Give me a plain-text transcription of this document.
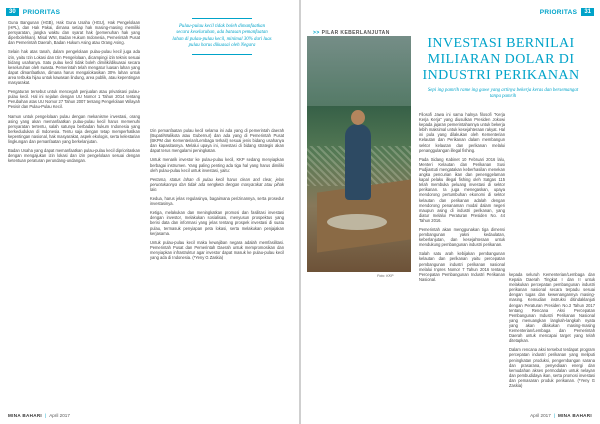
30	PRIORITAS

Guna Bangunan (HGB), Hak Guna Usaha (HGU), Hak Pengelolaan (HPL), dan Hak Pakai, dimana setiap hak masing-masing memiliki persyaratan, jangka waktu dan syarat hak (pemenuhan hak yang diperbolehkan). Misal WNI, Badan Hukum Indonesia, Pemerintah Pusat dan Pemerintah Daerah, Badan Hukum Asing atau Orang Asing.

Selain hak atas tanah, dalam pengelolaan pulau-pulau kecil juga ada izin, yaitu Izin Lokasi dan Izin Pengelolaan, dicampingi izin teknis sesuai bidang usahanya. Satu pulau kecil tidak boleh dimiliki/dikuasai secara keseluruhan oleh swasta. Pemerintah telah mengatur luasan lahan yang dapat dimanfaatkan, dimana harus mengalokasikan 30% lahan untuk area terbuka hijau untuk kawasan lindung, area publik, atau kepentingan masyarakat.

Pengaturan tersebut untuk mencegah penjualan atau privatisasi pulau-pulau kecil. Hal ini sejalan dengan UU Nomor 1 Tahun 2014 tentang Perubahan atas UU Nomor 27 Tahun 2007 tentang Pengelolaan Wilayah Pesisir dan Pulau-Pulau Kecil.

Namun untuk pengelolaan pulau dengan mekanisme investasi, orang asing yang akan memanfaatkan pulau-pulau kecil harus memenuhi persyaratan tertentu, salah satunya berbadan hukum Indonesia yang berkedudukan di Indonesia. Tentu saja dengan tetap memperhatikan kepentingan nasional, hak masyarakat, aspek ekologis, serta kelestarian lingkungan dan pemanfaatan yang berkelanjutan.

Badan Usaha yang dapat memanfaatkan pulau-pulau kecil diprioritaskan dengan mengajukan izin lokasi dan izin pengelolaan sesuai dengan ketentuan peraturan perundang-undangan.

Pulau-pulau kecil tidak boleh dimanfaatkan secara keseluruhan, ada batasan pemanfaatan lahan di pulau-pulau kecil, minimal 30% dari luas pulau harus dikuasai oleh Negara

Izin pemanfaatan pulau kecil selama ini ada yang di pemerintah daerah (Bupati/Walikota atau Gubernur) dan ada yang di Pemerintah Pusat (BKPM dan Kementerian/Lembaga terkait) sesuai jenis bidang usahanya dan kapasitasnya. Melalui upaya ini, investasi di bidang strategis akan dapat terus mengalami peningkatan.

Untuk menarik investor ke pulau-pulau kecil, KKP sedang menyiapkan berbagai instrumen. Yang paling penting ada tiga hal yang harus dimiliki oleh pulau-pulau kecil untuk investasi, yaitu:

Pertama, status lahan di pulau kecil harus clean and clear, jelas peruntukannya dan tidak ada sengketa dengan masyarakat atau pihak lain.

Kedua, harus jelas regulasinya, bagaimana perizinannya, serta prosedur investasinya.

Ketiga, melakukan dan meningkatkan promosi dan fasilitasi investasi dengan investor, melakukan sosialisasi, menyusun prospektus yang berisi data dan informasi yang jelas tentang prospek investasi di suatu pulau, termasuk penyiapan peta lokasi, serta melakukan penjajakan kerjasama.

Untuk pulau-pulau kecil maka kewajiban negara adalah memfasilitasi. Pemerintah Pusat dan Pemerintah Daerah untuk mempromosikan dan menyiapkan infrastruktur agar investor dapat masuk ke pulau-pulau kecil yang ada di Indonesia. (*Yeny G Zaskia)

MINA BAHARI | April 2017
PRIORITAS	31
>> PILAR KEBERLANJUTAN
Foto: KKP
INVESTASI BERNILAI MILIARAN DOLAR DI INDUSTRI PERIKANAN
Sepi ing pamrih rame ing gawe yang artinya bekerja keras dan bersemangat tanpa pamrih

Filosofi Jawa ini sama halnya filosofi "Kerja Kerja Kerja" yang diusulkan Presiden Jokowi kepada jajaran pemerintahannya untuk bekerja lebih maksimal untuk kesejahteraan rakyat. Hal ini pula yang dilakukan oleh Kementerian Kelautan dan Perikanan dalam membangun sektor kelautan dan perikanan melalui penanggulangan illegal fishing.

Pada Sidang Kabinet 10 Februari 2016 lalu, Menteri Kelautan dan Perikanan Susi Pudjiastuti mengatakan keberhasilan menekan angka pencurian ikan dan penenggelaman kapal pelaku illegal fishing oleh Satgas 115 telah membuka peluang investasi di sektor perikanan. Ia juga menegaskan, upaya mendorong pertumbuhan ekonomi di sektor kelautan dan perikanan adalah dengan mendorong penanaman modal dalam negeri maupun asing di industri perikanan, yang diatur melalui Peraturan Presiden No. 44 Tahun 2016.

Pemerintah akan menggunakan tiga dimensi pembangunan yakni kedaulatan, keberlanjutan, dan kesejahteraan untuk mendukung pembangunan industri perikanan.

Salah satu arah kebijakan pembangunan kelautan dan perikanan yaitu percepatan pembangunan industri perikanan nasional melalui Inpres Nomor 7 Tahun 2016 tentang Percepatan Pembangunan Industri Perikanan Nasional.

kepada seluruh Kementerian/Lembaga dan Kepala Daerah Tingkat I dan II untuk melakukan percepatan pembangunan industri perikanan nasional secara terpadu sesuai dengan tugas dan kewenangannya masing-masing. Kemudian instruksi ditindaklanjuti dengan Peraturan Presiden No.3 Tahun 2017 tentang Rencana Aksi Percepatan Pembangunan Industri Perikanan Nasional yang menuangkan langkah-langkah nyata yang akan dilakukan masing-masing Kementerian/Lembaga dan Pemerintah Daerah untuk mencapai target yang telah ditetapkan.

Dalam rencana aksi tersebut terdapat program percepatan industri perikanan yang meliputi peningkatan produksi, pengembangan sarana dan prasarana, penyediaan energi dan kemudahan akses permodalan untuk nelayan dan pembudidaya ikan, serta promosi investasi dan pemasaran produk perikanan. (*Yeny G Zaskia)

April 2017 | MINA BAHARI
